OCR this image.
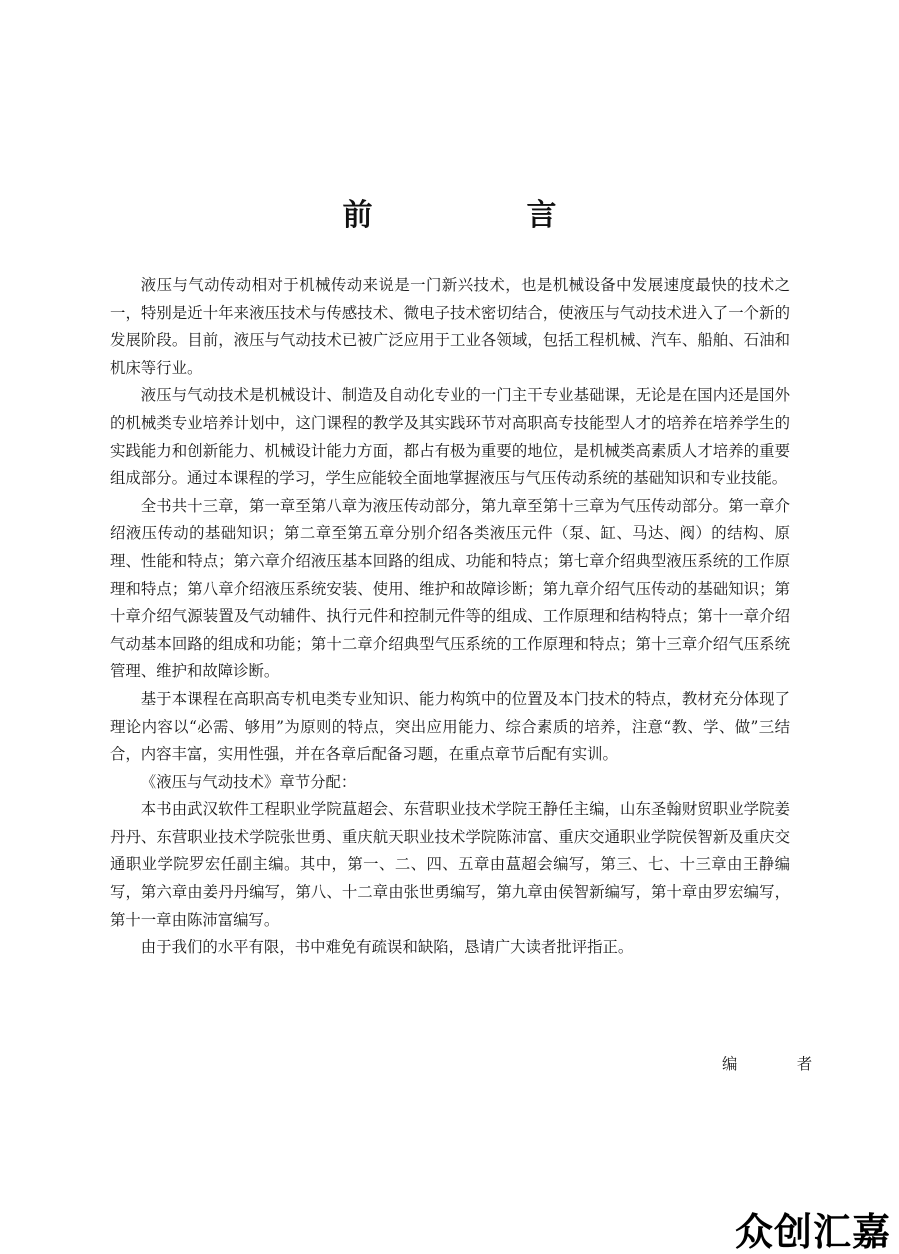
前　言

液压与气动传动相对于机械传动来说是一门新兴技术，也是机械设备中发展速度最快的技术之一，特别是近十年来液压技术与传感技术、微电子技术密切结合，使液压与气动技术进入了一个新的发展阶段。目前，液压与气动技术已被广泛应用于工业各领域，包括工程机械、汽车、船舶、石油和机床等行业。

液压与气动技术是机械设计、制造及自动化专业的一门主干专业基础课，无论是在国内还是国外的机械类专业培养计划中，这门课程的教学及其实践环节对高职高专技能型人才的培养在培养学生的实践能力和创新能力、机械设计能力方面，都占有极为重要的地位，是机械类高素质人才培养的重要组成部分。通过本课程的学习，学生应能较全面地掌握液压与气压传动系统的基础知识和专业技能。

全书共十三章，第一章至第八章为液压传动部分，第九章至第十三章为气压传动部分。第一章介绍液压传动的基础知识；第二章至第五章分别介绍各类液压元件（泵、缸、马达、阀）的结构、原理、性能和特点；第六章介绍液压基本回路的组成、功能和特点；第七章介绍典型液压系统的工作原理和特点；第八章介绍液压系统安装、使用、维护和故障诊断；第九章介绍气压传动的基础知识；第十章介绍气源装置及气动辅件、执行元件和控制元件等的组成、工作原理和结构特点；第十一章介绍气动基本回路的组成和功能；第十二章介绍典型气压系统的工作原理和特点；第十三章介绍气压系统管理、维护和故障诊断。

基于本课程在高职高专机电类专业知识、能力构筑中的位置及本门技术的特点，教材充分体现了理论内容以“必需、够用”为原则的特点，突出应用能力、综合素质的培养，注意“教、学、做”三结合，内容丰富，实用性强，并在各章后配备习题，在重点章节后配有实训。

《液压与气动技术》章节分配：

本书由武汉软件工程职业学院蒀超会、东营职业技术学院王静任主编，山东圣翰财贸职业学院姜丹丹、东营职业技术学院张世勇、重庆航天职业技术学院陈沛富、重庆交通职业学院侯智新及重庆交通职业学院罗宏任副主编。其中，第一、二、四、五章由蒀超会编写，第三、七、十三章由王静编写，第六章由姜丹丹编写，第八、十二章由张世勇编写，第九章由侯智新编写，第十章由罗宏编写，第十一章由陈沛富编写。

由于我们的水平有限，书中难免有疏误和缺陷，恳请广大读者批评指正。

编　者
众创汇嘉
